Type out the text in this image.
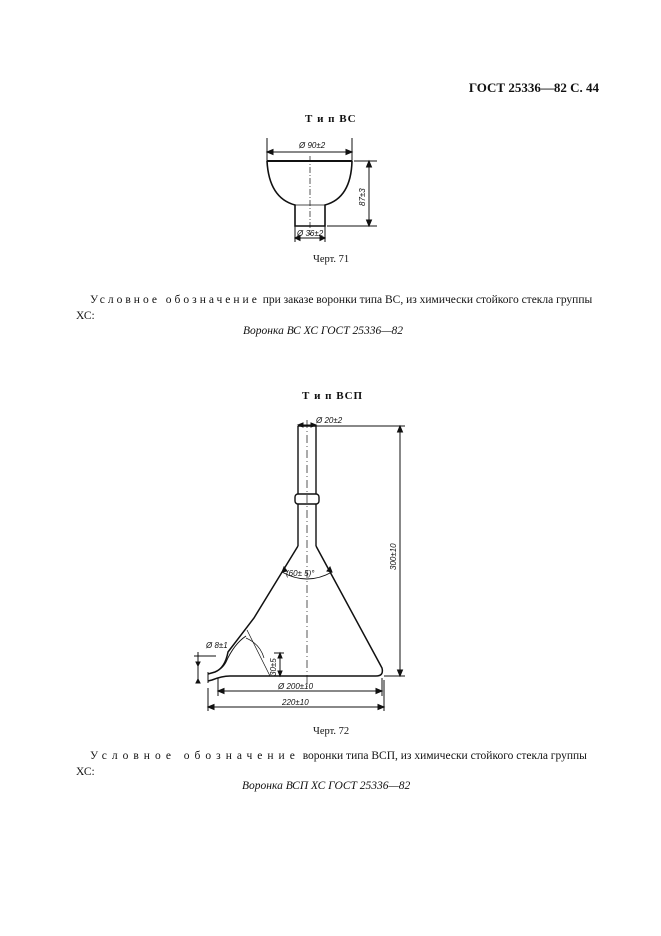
ГОСТ 25336—82 С. 44
Т и п ВС
Ø 90±2
Ø 36±2
87±3
Черт. 71
Условное обозначение при заказе воронки типа ВС, из химически стойкого стекла группы ХС:
Воронка ВС ХС ГОСТ 25336—82
Т и п ВСП
Ø 20±2
(60± 5)°
Ø 8±1
30±5
Ø 200±10
220±10
300±10
Черт. 72
Условное обозначение воронки типа ВСП, из химически стойкого стекла группы ХС:
Воронка ВСП ХС ГОСТ 25336—82
